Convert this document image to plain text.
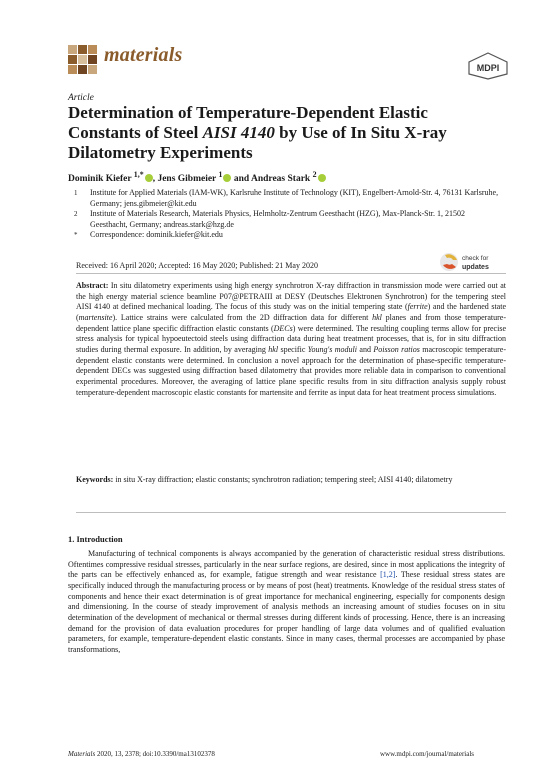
materials
MDPI
Article
Determination of Temperature-Dependent Elastic Constants of Steel AISI 4140 by Use of In Situ X-ray Dilatometry Experiments
Dominik Kiefer $^{1,*}$ , Jens Gibmeier $^1$ and Andreas Stark $^2$
1	Institute for Applied Materials (IAM-WK), Karlsruhe Institute of Technology (KIT), Engelbert-Arnold-Str. 4, 76131 Karlsruhe, Germany; jens.gibmeier@kit.edu
2	Institute of Materials Research, Materials Physics, Helmholtz-Zentrum Geesthacht (HZG), Max-Planck-Str. 1, 21502 Geesthacht, Germany; andreas.stark@hzg.de
*	Correspondence: dominik.kiefer@kit.edu
check for
updates
Received: 16 April 2020; Accepted: 16 May 2020; Published: 21 May 2020
Abstract: In situ dilatometry experiments using high energy synchrotron X-ray diffraction in transmission mode were carried out at the high energy material science beamline P07@PETRAIII at DESY (Deutsches Elektronen Synchrotron) for the tempering steel AISI 4140 at defined mechanical loading. The focus of this study was on the initial tempering state (ferrite) and the hardened state (martensite). Lattice strains were calculated from the 2D diffraction data for different hkl planes and from those temperature-dependent lattice plane specific diffraction elastic constants (DECs) were determined. The resulting coupling terms allow for precise stress analysis for typical hypoeutectoid steels using diffraction data during heat treatment processes, that is, for in situ diffraction studies during thermal exposure. In addition, by averaging hkl specific Young's moduli and Poisson ratios macroscopic temperature-dependent elastic constants were determined. In conclusion a novel approach for the determination of phase-specific temperature-dependent DECs was suggested using diffraction based dilatometry that provides more reliable data in comparison to conventional experimental procedures. Moreover, the averaging of lattice plane specific results from in situ diffraction analysis supply robust temperature-dependent macroscopic elastic constants for martensite and ferrite as input data for heat treatment process simulations.
Keywords: in situ X-ray diffraction; elastic constants; synchrotron radiation; tempering steel; AISI 4140; dilatometry
1. Introduction
Manufacturing of technical components is always accompanied by the generation of characteristic residual stress distributions. Oftentimes compressive residual stresses, particularly in the near surface regions, are desired, since in most applications the integrity of the parts can be effectively enhanced as, for example, fatigue strength and wear resistance [1,2]. These residual stress states are specifically induced through the manufacturing process or by means of post (heat) treatments. Knowledge of the residual stress states of components and hence their exact determination is of great importance for mechanical engineering, especially for components design and dimensioning. In the course of steady improvement of analysis methods an increasing amount of studies focuses on in situ determination of the development of mechanical or thermal stresses during different kinds of processing. Hence, there is an increasing demand for the provision of data evaluation procedures for proper handling of large data volumes and of qualified evaluation parameters, for example, temperature-dependent elastic constants. Since in many cases, thermal processes are accompanied by phase transformations,
Materials 2020, 13, 2378; doi:10.3390/ma13102378	www.mdpi.com/journal/materials
